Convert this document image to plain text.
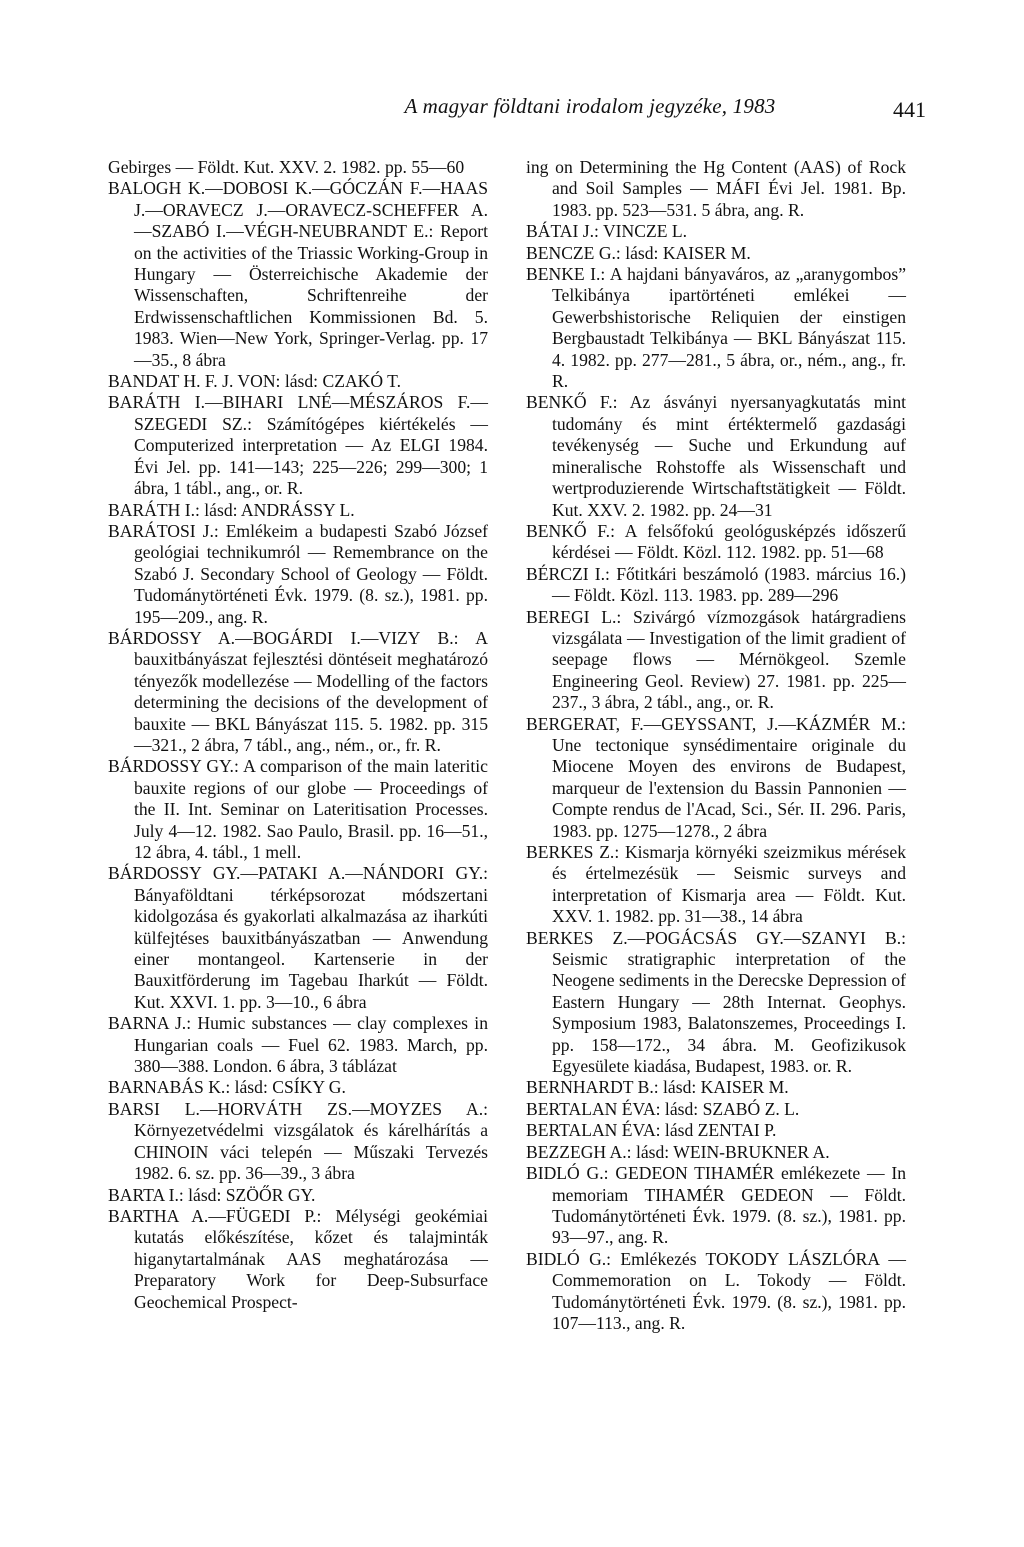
A magyar földtani irodalom jegyzéke, 1983	441

Gebirges — Földt. Kut. XXV. 2. 1982. pp. 55—60

BALOGH K.—DOBOSI K.—GÓCZÁN F.—HAAS J.—ORAVECZ J.—ORAVECZ-SCHEFFER A.—SZABÓ I.—VÉGH-NEUBRANDT E.: Report on the activities of the Triassic Working-Group in Hungary — Österreichische Akademie der Wissenschaften, Schriftenreihe der Erdwissenschaftlichen Kommissionen Bd. 5. 1983. Wien—New York, Springer-Verlag. pp. 17—35., 8 ábra

BANDAT H. F. J. VON: lásd: CZAKÓ T.

BARÁTH I.—BIHARI LNÉ—MÉSZÁROS F.—SZEGEDI SZ.: Számítógépes kiértékelés — Computerized interpretation — Az ELGI 1984. Évi Jel. pp. 141—143; 225—226; 299—300; 1 ábra, 1 tábl., ang., or. R.

BARÁTH I.: lásd: ANDRÁSSY L.

BARÁTOSI J.: Emlékeim a budapesti Szabó József geológiai technikumról — Remembrance on the Szabó J. Secondary School of Geology — Földt. Tudománytörténeti Évk. 1979. (8. sz.), 1981. pp. 195—209., ang. R.

BÁRDOSSY A.—BOGÁRDI I.—VIZY B.: A bauxitbányászat fejlesztési döntéseit meghatározó tényezők modellezése — Modelling of the factors determining the decisions of the development of bauxite — BKL Bányászat 115. 5. 1982. pp. 315—321., 2 ábra, 7 tábl., ang., ném., or., fr. R.

BÁRDOSSY GY.: A comparison of the main lateritic bauxite regions of our globe — Proceedings of the II. Int. Seminar on Lateritisation Processes. July 4—12. 1982. Sao Paulo, Brasil. pp. 16—51., 12 ábra, 4. tábl., 1 mell.

BÁRDOSSY GY.—PATAKI A.—NÁNDORI GY.: Bányaföldtani térképsorozat módszertani kidolgozása és gyakorlati alkalmazása az iharkúti külfejtéses bauxitbányászatban — Anwendung einer montangeol. Kartenserie in der Bauxitförderung im Tagebau Iharkút — Földt. Kut. XXVI. 1. pp. 3—10., 6 ábra

BARNA J.: Humic substances — clay complexes in Hungarian coals — Fuel 62. 1983. March, pp. 380—388. London. 6 ábra, 3 táblázat

BARNABÁS K.: lásd: CSÍKY G.

BARSI L.—HORVÁTH ZS.—MOYZES A.: Környezetvédelmi vizsgálatok és kárelhárítás a CHINOIN váci telepén — Műszaki Tervezés 1982. 6. sz. pp. 36—39., 3 ábra

BARTA I.: lásd: SZÖŐR GY.

BARTHA A.—FÜGEDI P.: Mélységi geokémiai kutatás előkészítése, kőzet és talajminták higanytartalmának AAS meghatározása — Preparatory Work for Deep-Subsurface Geochemical Prospect-

ing on Determining the Hg Content (AAS) of Rock and Soil Samples — MÁFI Évi Jel. 1981. Bp. 1983. pp. 523—531. 5 ábra, ang. R.

BÁTAI J.: VINCZE L.

BENCZE G.: lásd: KAISER M.

BENKE I.: A hajdani bányaváros, az „aranygombos” Telkibánya ipartörténeti emlékei — Gewerbshistorische Reliquien der einstigen Bergbaustadt Telkibánya — BKL Bányászat 115. 4. 1982. pp. 277—281., 5 ábra, or., ném., ang., fr. R.

BENKŐ F.: Az ásványi nyersanyagkutatás mint tudomány és mint értéktermelő gazdasági tevékenység — Suche und Erkundung auf mineralische Rohstoffe als Wissenschaft und wertproduzierende Wirtschaftstätigkeit — Földt. Kut. XXV. 2. 1982. pp. 24—31

BENKŐ F.: A felsőfokú geológusképzés időszerű kérdései — Földt. Közl. 112. 1982. pp. 51—68

BÉRCZI I.: Főtitkári beszámoló (1983. március 16.) — Földt. Közl. 113. 1983. pp. 289—296

BEREGI L.: Szivárgó vízmozgások határgradiens vizsgálata — Investigation of the limit gradient of seepage flows — Mérnökgeol. Szemle Engineering Geol. Review) 27. 1981. pp. 225—237., 3 ábra, 2 tábl., ang., or. R.

BERGERAT, F.—GEYSSANT, J.—KÁZMÉR M.: Une tectonique synsédimentaire originale du Miocene Moyen des environs de Budapest, marqueur de l'extension du Bassin Pannonien — Compte rendus de l'Acad, Sci., Sér. II. 296. Paris, 1983. pp. 1275—1278., 2 ábra

BERKES Z.: Kismarja környéki szeizmikus mérések és értelmezésük — Seismic surveys and interpretation of Kismarja area — Földt. Kut. XXV. 1. 1982. pp. 31—38., 14 ábra

BERKES Z.—POGÁCSÁS GY.—SZANYI B.: Seismic stratigraphic interpretation of the Neogene sediments in the Derecske Depression of Eastern Hungary — 28th Internat. Geophys. Symposium 1983, Balatonszemes, Proceedings I. pp. 158—172., 34 ábra. M. Geofizikusok Egyesülete kiadása, Budapest, 1983. or. R.

BERNHARDT B.: lásd: KAISER M.

BERTALAN ÉVA: lásd: SZABÓ Z. L.

BERTALAN ÉVA: lásd ZENTAI P.

BEZZEGH A.: lásd: WEIN-BRUKNER A.

BIDLÓ G.: GEDEON TIHAMÉR emlékezete — In memoriam TIHAMÉR GEDEON — Földt. Tudománytörténeti Évk. 1979. (8. sz.), 1981. pp. 93—97., ang. R.

BIDLÓ G.: Emlékezés TOKODY LÁSZLÓRA — Commemoration on L. Tokody — Földt. Tudománytörténeti Évk. 1979. (8. sz.), 1981. pp. 107—113., ang. R.
